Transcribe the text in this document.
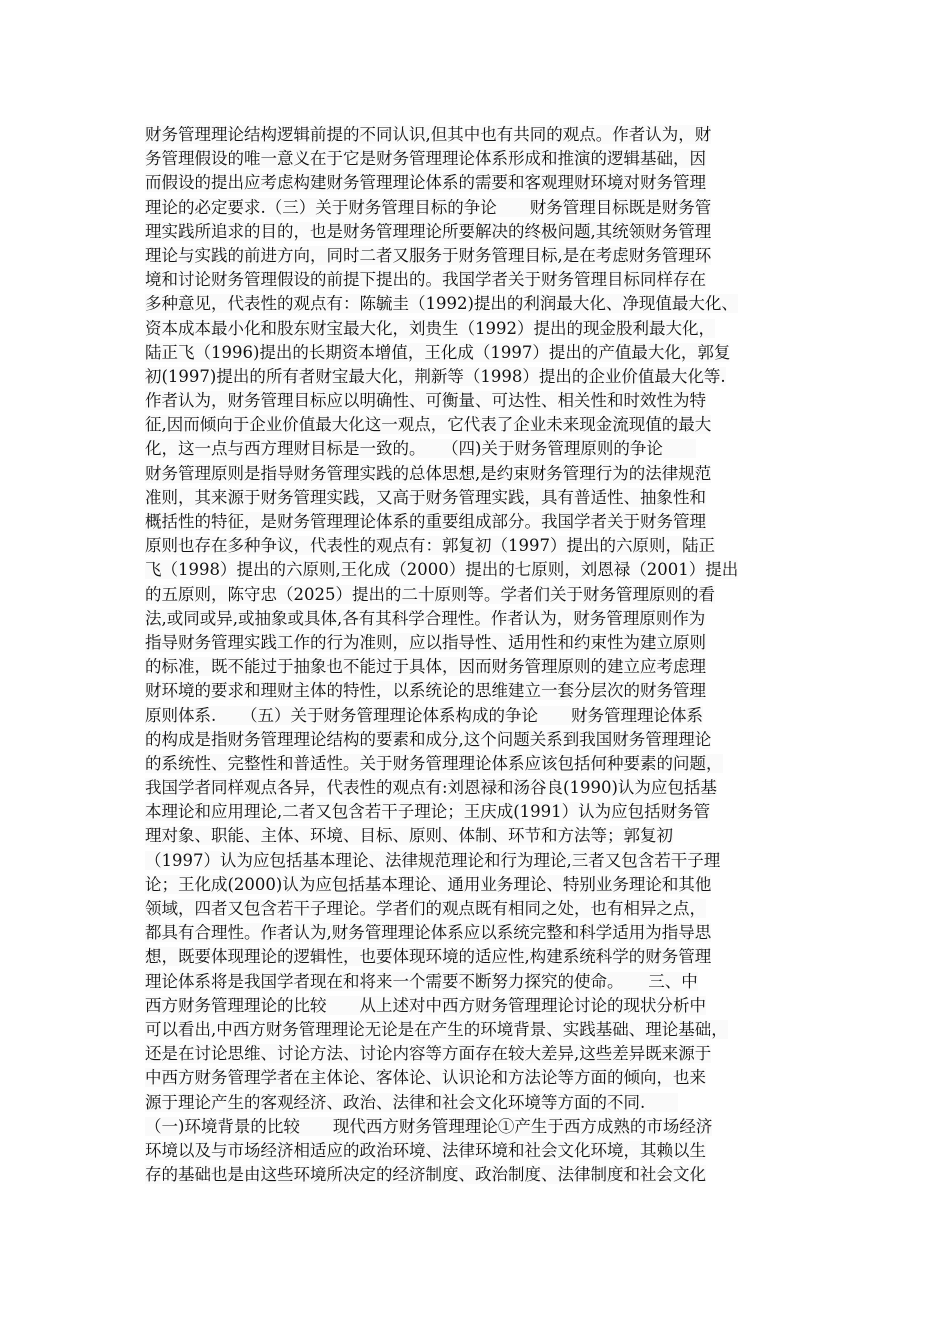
财务管理理论结构逻辑前提的不同认识,但其中也有共同的观点。作者认为，财
务管理假设的唯一意义在于它是财务管理理论体系形成和推演的逻辑基础，因
而假设的提出应考虑构建财务管理理论体系的需要和客观理财环境对财务管理
理论的必定要求.（三）关于财务管理目标的争论　　财务管理目标既是财务管
理实践所追求的目的，也是财务管理理论所要解决的终极问题,其统领财务管理
理论与实践的前进方向，同时二者又服务于财务管理目标,是在考虑财务管理环
境和讨论财务管理假设的前提下提出的。我国学者关于财务管理目标同样存在
多种意见，代表性的观点有：陈毓圭（1992)提出的利润最大化、净现值最大化、
资本成本最小化和股东财宝最大化，刘贵生（1992）提出的现金股利最大化，
陆正飞（1996)提出的长期资本增值，王化成（1997）提出的产值最大化，郭复
初(1997)提出的所有者财宝最大化，荆新等（1998）提出的企业价值最大化等.
作者认为，财务管理目标应以明确性、可衡量、可达性、相关性和时效性为特
征,因而倾向于企业价值最大化这一观点，它代表了企业未来现金流现值的最大
化，这一点与西方理财目标是一致的。　　（四)关于财务管理原则的争论　　
财务管理原则是指导财务管理实践的总体思想,是约束财务管理行为的法律规范
准则，其来源于财务管理实践，又高于财务管理实践，具有普适性、抽象性和
概括性的特征，是财务管理理论体系的重要组成部分。我国学者关于财务管理
原则也存在多种争议，代表性的观点有：郭复初（1997）提出的六原则，陆正
飞（1998）提出的六原则,王化成（2000）提出的七原则，刘恩禄（2001）提出
的五原则，陈守忠（2025）提出的二十原则等。学者们关于财务管理原则的看
法,或同或异,或抽象或具体,各有其科学合理性。作者认为，财务管理原则作为
指导财务管理实践工作的行为准则，应以指导性、适用性和约束性为建立原则
的标准，既不能过于抽象也不能过于具体，因而财务管理原则的建立应考虑理
财环境的要求和理财主体的特性，以系统论的思维建立一套分层次的财务管理
原则体系.　　（五）关于财务管理理论体系构成的争论　　财务管理理论体系
的构成是指财务管理理论结构的要素和成分,这个问题关系到我国财务管理理论
的系统性、完整性和普适性。关于财务管理理论体系应该包括何种要素的问题，
我国学者同样观点各异，代表性的观点有:刘恩禄和汤谷良(1990)认为应包括基
本理论和应用理论,二者又包含若干子理论；王庆成(1991）认为应包括财务管
理对象、职能、主体、环境、目标、原则、体制、环节和方法等；郭复初
（1997）认为应包括基本理论、法律规范理论和行为理论,三者又包含若干子理
论；王化成(2000)认为应包括基本理论、通用业务理论、特别业务理论和其他
领域，四者又包含若干子理论。学者们的观点既有相同之处，也有相异之点，
都具有合理性。作者认为,财务管理理论体系应以系统完整和科学适用为指导思
想，既要体现理论的逻辑性，也要体现环境的适应性,构建系统科学的财务管理
理论体系将是我国学者现在和将来一个需要不断努力探究的使命。　　三、中
西方财务管理理论的比较　　从上述对中西方财务管理理论讨论的现状分析中
可以看出,中西方财务管理理论无论是在产生的环境背景、实践基础、理论基础，
还是在讨论思维、讨论方法、讨论内容等方面存在较大差异,这些差异既来源于
中西方财务管理学者在主体论、客体论、认识论和方法论等方面的倾向，也来
源于理论产生的客观经济、政治、法律和社会文化环境等方面的不同.　　
（一)环境背景的比较　　现代西方财务管理理论①产生于西方成熟的市场经济
环境以及与市场经济相适应的政治环境、法律环境和社会文化环境，其赖以生
存的基础也是由这些环境所决定的经济制度、政治制度、法律制度和社会文化
